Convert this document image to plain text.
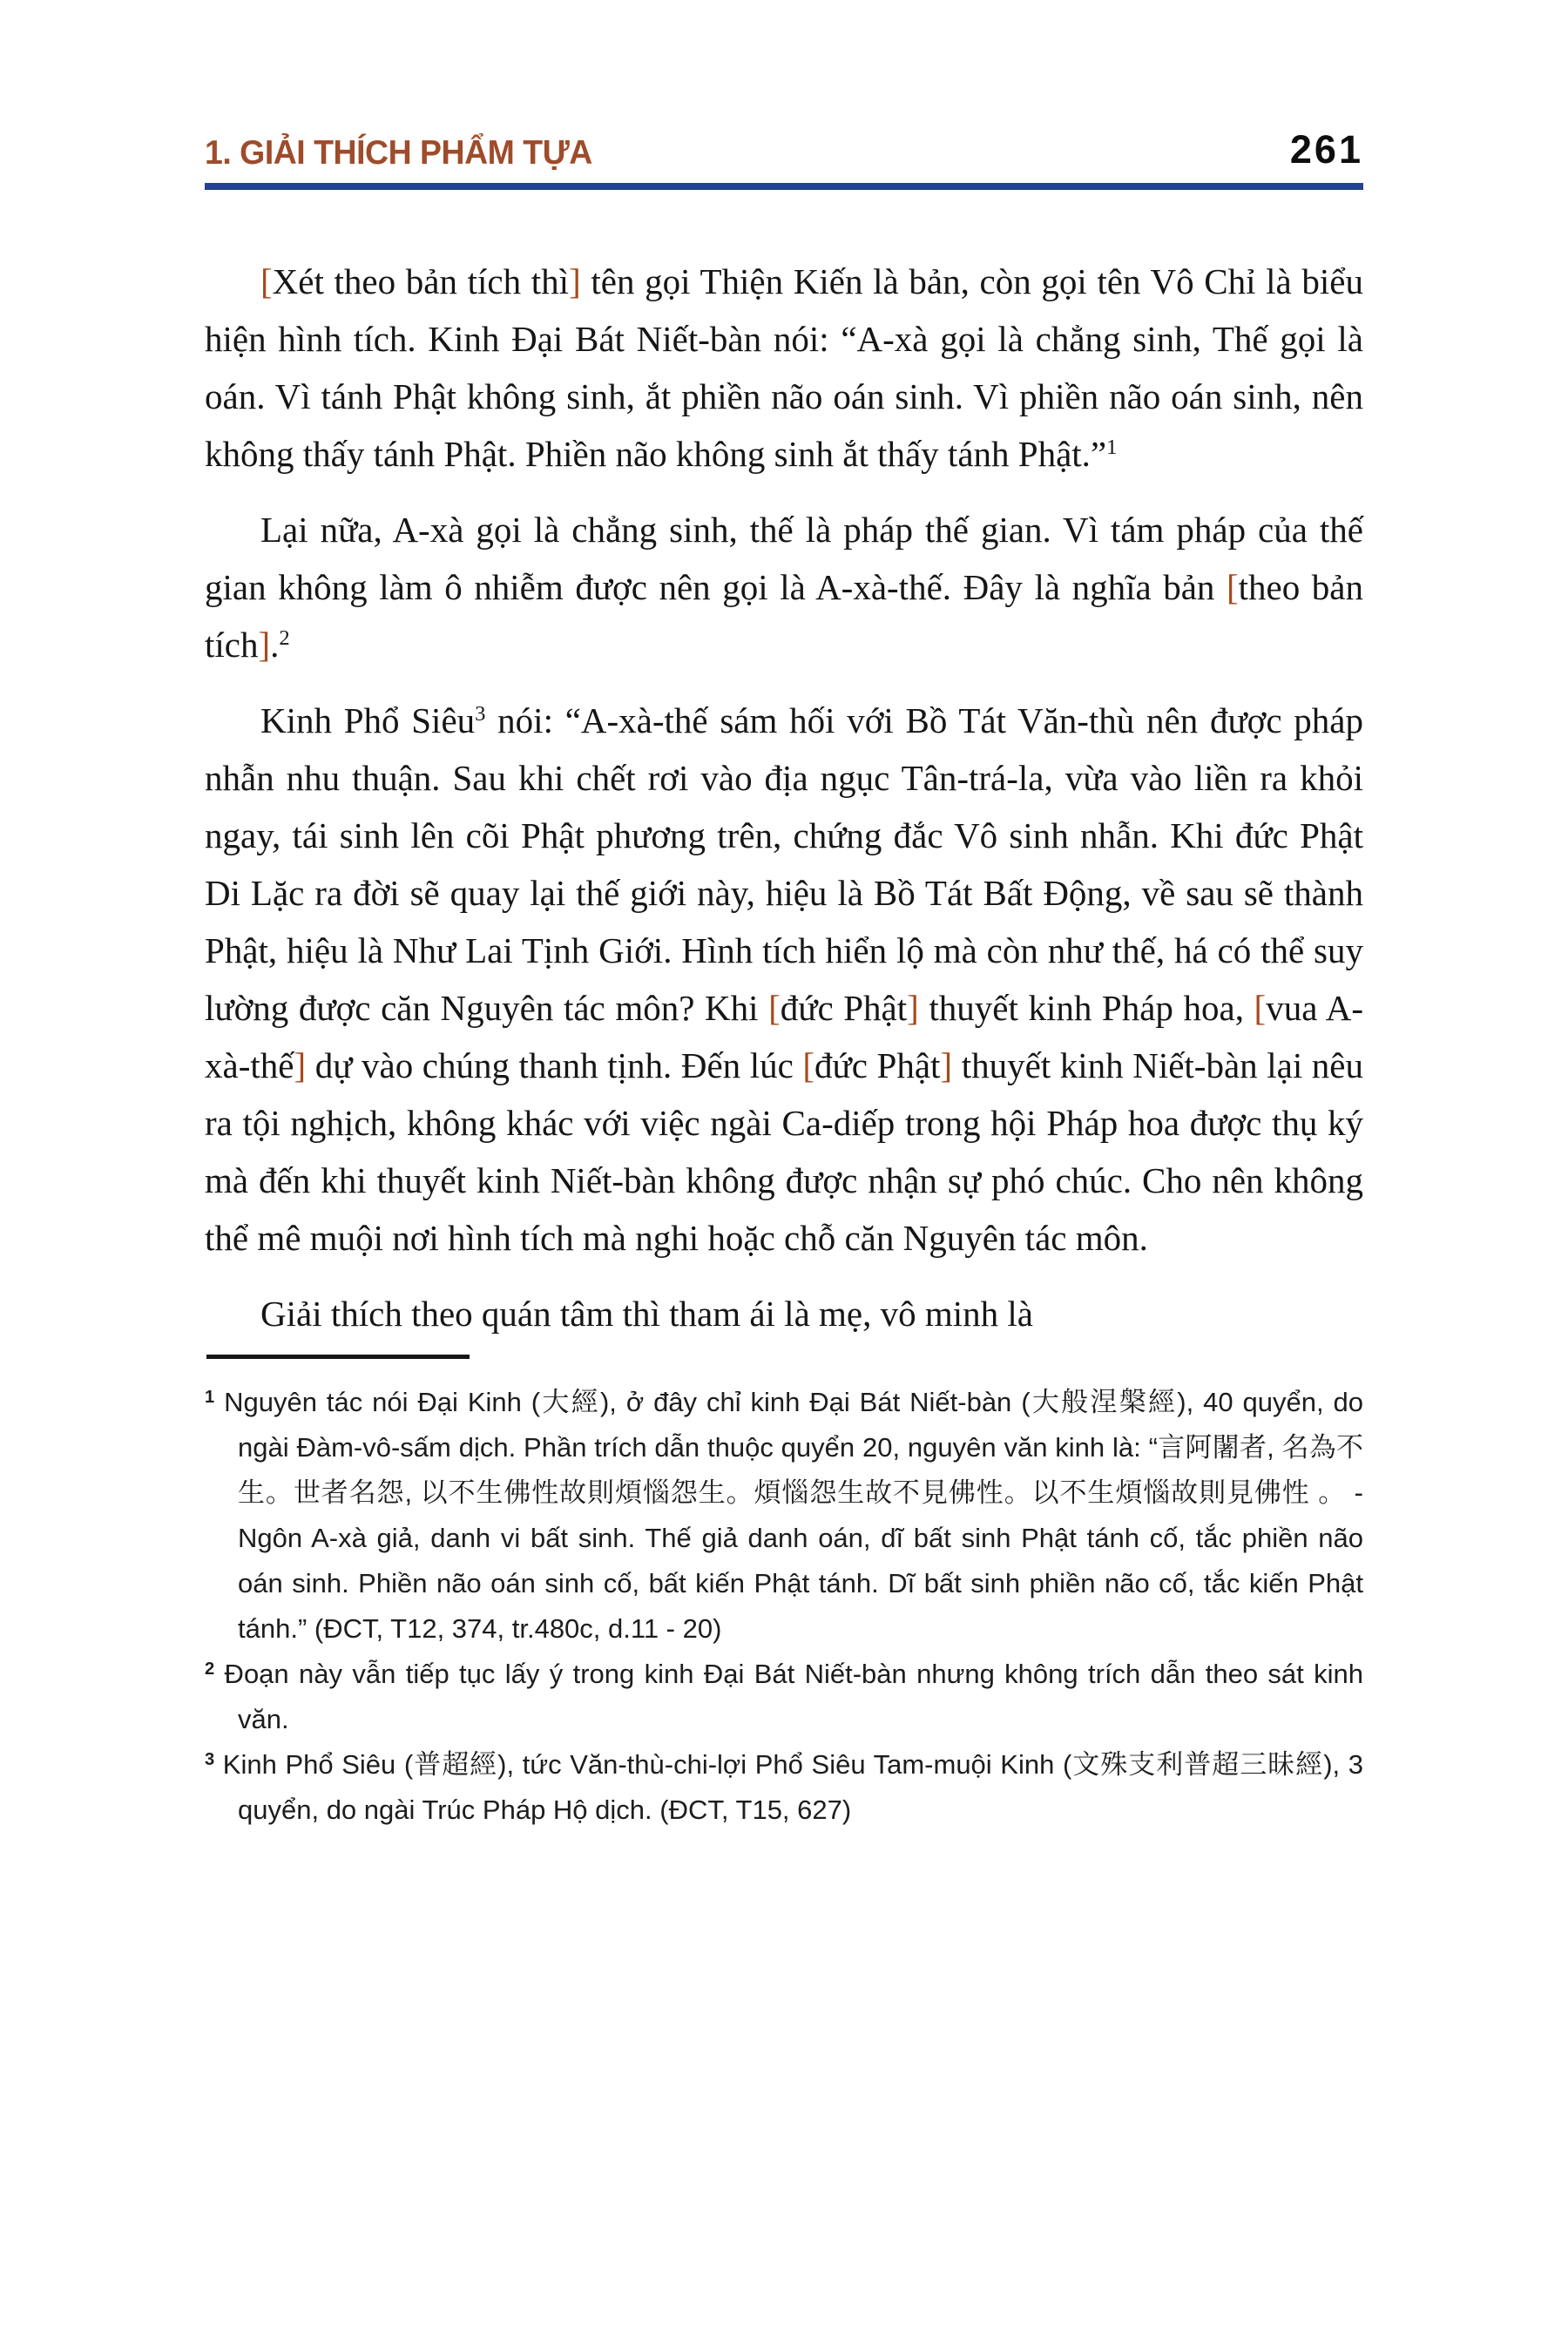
1. GIẢI THÍCH PHẨM TỰA	261

[Xét theo bản tích thì] tên gọi Thiện Kiến là bản, còn gọi tên Vô Chỉ là biểu hiện hình tích. Kinh Đại Bát Niết-bàn nói: “A-xà gọi là chẳng sinh, Thế gọi là oán. Vì tánh Phật không sinh, ắt phiền não oán sinh. Vì phiền não oán sinh, nên không thấy tánh Phật. Phiền não không sinh ắt thấy tánh Phật.”$^1$

Lại nữa, A-xà gọi là chẳng sinh, thế là pháp thế gian. Vì tám pháp của thế gian không làm ô nhiễm được nên gọi là A-xà-thế. Đây là nghĩa bản [theo bản tích].$^2$

Kinh Phổ Siêu$^3$ nói: “A-xà-thế sám hối với Bồ Tát Văn-thù nên được pháp nhẫn nhu thuận. Sau khi chết rơi vào địa ngục Tân-trá-la, vừa vào liền ra khỏi ngay, tái sinh lên cõi Phật phương trên, chứng đắc Vô sinh nhẫn. Khi đức Phật Di Lặc ra đời sẽ quay lại thế giới này, hiệu là Bồ Tát Bất Động, về sau sẽ thành Phật, hiệu là Như Lai Tịnh Giới. Hình tích hiển lộ mà còn như thế, há có thể suy lường được căn Nguyên tác môn? Khi [đức Phật] thuyết kinh Pháp hoa, [vua A-xà-thế] dự vào chúng thanh tịnh. Đến lúc [đức Phật] thuyết kinh Niết-bàn lại nêu ra tội nghịch, không khác với việc ngài Ca-diếp trong hội Pháp hoa được thụ ký mà đến khi thuyết kinh Niết-bàn không được nhận sự phó chúc. Cho nên không thể mê muội nơi hình tích mà nghi hoặc chỗ căn Nguyên tác môn.

Giải thích theo quán tâm thì tham ái là mẹ, vô minh là

$^1$ Nguyên tác nói Đại Kinh (大經), ở đây chỉ kinh Đại Bát Niết-bàn (大般涅槃經), 40 quyển, do ngài Đàm-vô-sấm dịch. Phần trích dẫn thuộc quyển 20, nguyên văn kinh là: “言阿闍者, 名為不生。世者名怨, 以不生佛性故則煩惱怨生。煩惱怨生故不見佛性。以不生煩惱故則見佛性 。 - Ngôn A-xà giả, danh vi bất sinh. Thế giả danh oán, dĩ bất sinh Phật tánh cố, tắc phiền não oán sinh. Phiền não oán sinh cố, bất kiến Phật tánh. Dĩ bất sinh phiền não cố, tắc kiến Phật tánh.” (ĐCT, T12, 374, tr.480c, d.11 - 20)
$^2$ Đoạn này vẫn tiếp tục lấy ý trong kinh Đại Bát Niết-bàn nhưng không trích dẫn theo sát kinh văn.
$^3$ Kinh Phổ Siêu (普超經), tức Văn-thù-chi-lợi Phổ Siêu Tam-muội Kinh (文殊支利普超三昧經), 3 quyển, do ngài Trúc Pháp Hộ dịch. (ĐCT, T15, 627)
